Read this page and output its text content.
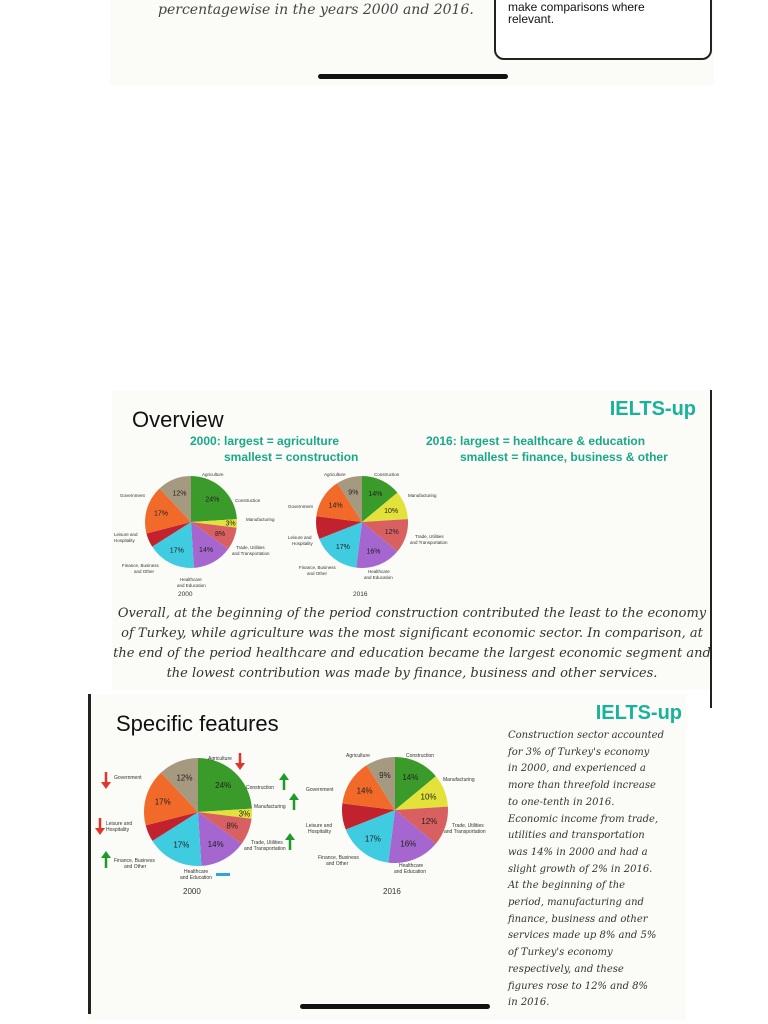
percentagewise in the years 2000 and 2016.	make comparisons where
relevant.
IELTS-up
Overview
2000: largest = agriculture
smallest = construction
2016: largest = healthcare & education
smallest = finance, business & other
24%
3%
8%
14%
17%
17%
12%	14%
10%
12%
16%
17%
14%
9%
Agriculture
Construction
Manufacturing
Trade, Utilities
and Transportation
Healthcare
and Education
Finance, Business
and Other
Leisure and
Hospitality
Government
Agriculture	Construction
Manufacturing
Trade, Utilities
and Transportation
Healthcare
and Education
Finance, Business
and Other
Leisure and
Hospitality
Government
2000	2016
Overall, at the beginning of the period construction contributed the least to the economy
of Turkey, while agriculture was the most significant economic sector. In comparison, at
the end of the period healthcare and education became the largest economic segment and
the lowest contribution was made by finance, business and other services.
IELTS-up
Specific features
24%
3%
8%
14%
17%
17%
12%	14%
10%
12%
16%
17%
14%
9%
Agriculture
Construction
Manufacturing
Trade, Utilities
and Transportation
Healthcare
and Education
Finance, Business
and Other
Leisure and
Hospitality
Government
Agriculture	Construction
Manufacturing
Trade, Utilities
and Transportation
Healthcare
and Education
Finance, Business
and Other
Leisure and
Hospitality
Government
2000	2016
Construction sector accounted
for 3% of Turkey's economy
in 2000, and experienced a
more than threefold increase
to one-tenth in 2016.
Economic income from trade,
utilities and transportation
was 14% in 2000 and had a
slight growth of 2% in 2016.
At the beginning of the
period, manufacturing and
finance, business and other
services made up 8% and 5%
of Turkey's economy
respectively, and these
figures rose to 12% and 8%
in 2016.
